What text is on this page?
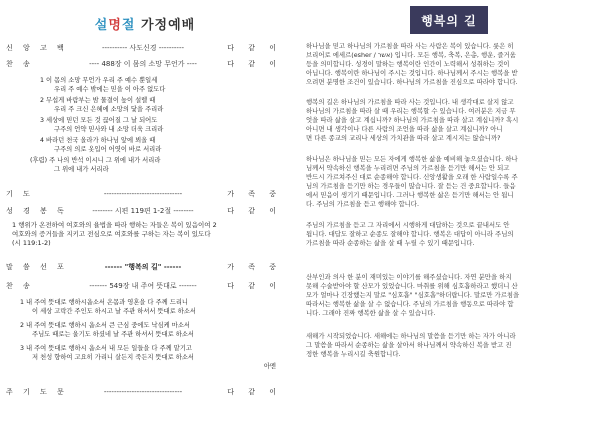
설명절 가정예배
신 앙 고 백	---------- 사도신경 ----------	다 같 이
찬 송	---- 488장 이 몸의 소망 무언가 ----	다 같 이
1 이 몸의 소망 무언가 우리 주 예수 뿐일세
우리 주 예수 밖에는 믿을 이 아주 없도다
2 무섭게 바람부는 밤 물결이 높이 설렐 때
우리 주 크신 은혜에 소망의 닻을 주리라
3 세상에 믿던 모든 것 끊어질 그 날 되어도
구주의 언약 믿사와 내 소망 더욱 크리라
4 바라던 천국 올라가 하나님 앞에 뵈올 때
구주의 의로 옷입어 어엿이 바로 서리라
(후렴) 주 나의 반석 이시니 그 위에 내가 서리라
그 위에 내가 서리라
기 도	-------------------------------	가 족 중
성 경 봉 독	-------- 시편 119편 1-2절 --------	다 같 이
1 행위가 온전하여 여호와의 율법을 따라 행하는 자들은 복이 있음이여 2
여호와의 증거들을 지키고 전심으로 여호와를 구하는 자는 복이 있도다
(시 119:1-2)
말 씀 선 포	------ "행복의 길" ------	가 족 중
찬 송	------- 549장 내 주여 뜻대로 -------	다 같 이
1 내 주여 뜻대로 행하시옵소서 온몸과 영혼을 다 주께 드리니
이 세상 고락간 주인도 하시고 날 주관 하셔서 뜻대로 하소서
2 내 주여 뜻대로 행하시 옵소서 큰 근심 중에도 낙심케 마소서
주님도 때로는 울기도 하셨네 날 주관 하셔서 뜻대로 하소서
3 내 주여 뜻대로 행하시 옵소서 내 모든 일들을 다 주께 맡기고
저 천성 향하여 고요히 가리니 살든지 죽든지 뜻대로 하소서
아멘
주 기 도 문	-------------------------------	다 같 이
행복의 길
하나님을 믿고 하나님의 가르침을 따라 사는 사람은 복이 있습니다. 룻은 히
브리어로 에세르(esher / אשר) 입니다. 모든 행복, 축복, 은총, 행운, 즐거움
등을 의미합니다. 성경이 말하는 행복이란 인간이 노력해서 성취하는 것이
아닙니다. 행복이란 하나님이 주시는 것입니다. 하나님께서 주시는 행복을 받
으려면 분명한 조건이 있습니다. 하나님의 가르침을 진심으로 따라야 합니다.
행복의 길은 하나님의 가르침을 따라 사는 것입니다. 내 생각대로 살지 않고
하나님의 가르침을 따라 살 때 우리는 행복할 수 있습니다. 여러분은 지금 무
엇을 따라 삶을 살고 계십니까? 하나님의 가르침을 따라 살고 계십니까? 혹시
아니면 내 생각이나 다른 사람의 조언을 따라 삶을 살고 계십니까? 아니
면 다른 종교의 교리나 세상의 가치관을 따라 살고 계시지는 않습니까?
하나님은 하나님을 믿는 모든 자에게 행복한 삶을 예비해 놓으셨습니다. 하나
님께서 약속하신 행복을 누리려면 주님의 가르침을 듣기만 해서는 안 되고
반드시 가르쳐주신 대로 순종해야 합니다. 신앙생활을 오래 한 사람일수록 주
님의 가르침을 듣기만 하는 경우들이 많습니다. 잘 듣는 건 중요합니다. 들음
에서 믿음이 생기기 때문입니다. 그러나 행복한 삶은 듣기만 해서는 안 됩니
다. 주님의 가르침을 듣고 행해야 합니다.
주님의 가르침을 듣고 그 자리에서 시행하게 대답하는 것으로 끝내서도 안
됩니다. 대답도 잘하고 순종도 잘해야 합니다. 행복은 대답이 아니라 주님의
가르침을 따라 순종하는 삶을 살 때 누릴 수 있기 때문입니다.
산부인과 의사 한 분이 재미있는 이야기를 해주셨습니다. 자연 분만을 하지
못해 수술받아야 할 산모가 있었습니다. 마취를 위해 심호흡하라고 했더니 산
모가 얼마나 긴장했는지 말로 "심호흡" "심호흡"하더랍니다. 말로만 가르침을
따라서는 행복한 삶을 살 수 없습니다. 주님의 가르침을 행동으로 따라야 합
니다. 그래야 진짜 행복한 삶을 살 수 있습니다.
새해가 시작되었습니다. 새해에는 하나님의 말씀을 듣기만 하는 자가 아니라
그 말씀을 따라서 순종하는 삶을 살아서 하나님께서 약속하신 복을 받고 진
정한 행복을 누리시길 축원합니다.
